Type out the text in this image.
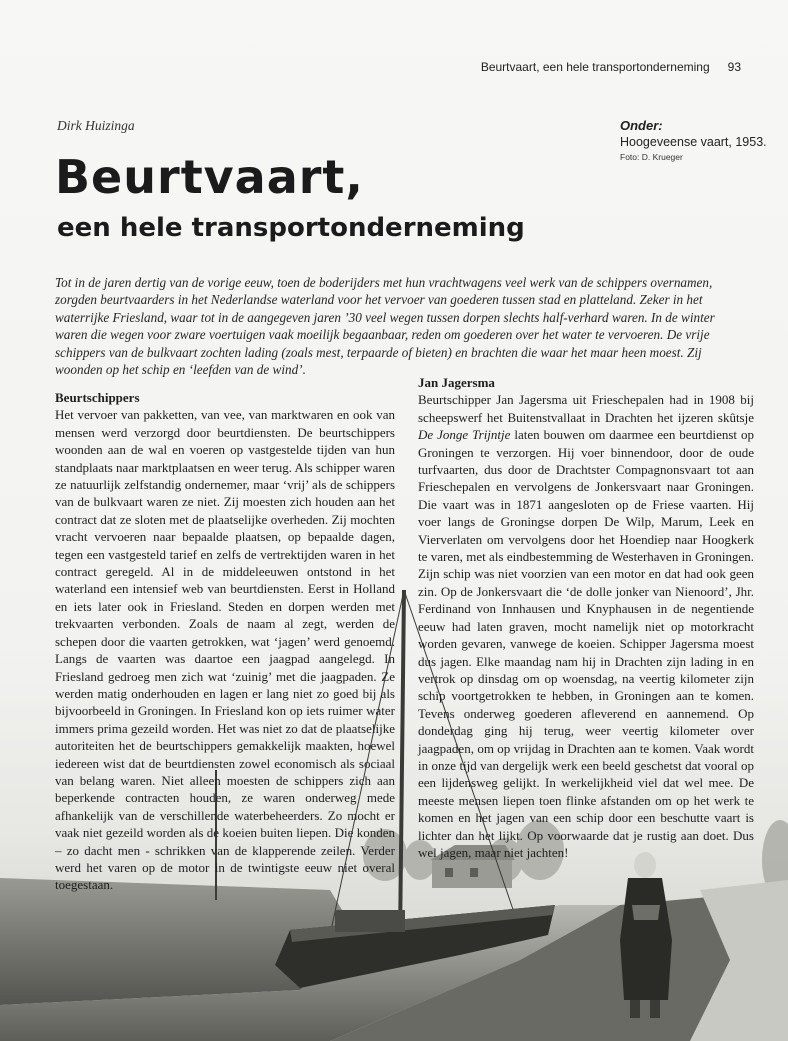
Beurtvaart, een hele transportonderneming 93
Dirk Huizinga	Onder:
Hoogeveense vaart, 1953.
Foto: D. Krueger
Beurtvaart,
een hele transportonderneming

Tot in de jaren dertig van de vorige eeuw, toen de boderijders met hun vrachtwagens veel werk van de schippers overnamen, zorgden beurtvaarders in het Nederlandse waterland voor het vervoer van goederen tussen stad en platteland. Zeker in het waterrijke Friesland, waar tot in de aangegeven jaren ’30 veel wegen tussen dorpen slechts half-verhard waren. In de winter waren die wegen voor zware voertuigen vaak moeilijk begaanbaar, reden om goederen over het water te vervoeren. De vrije schippers van de bulkvaart zochten lading (zoals mest, terpaarde of bieten) en brachten die waar het maar heen moest. Zij woonden op het schip en ‘leefden van de wind’.

Beurtschippers

Het vervoer van pakketten, van vee, van marktwaren en ook van mensen werd verzorgd door beurtdiensten. De beurtschippers woonden aan de wal en voeren op vastgestelde tijden van hun standplaats naar marktplaatsen en weer terug. Als schipper waren ze natuurlijk zelfstandig ondernemer, maar ‘vrij’ als de schippers van de bulkvaart waren ze niet. Zij moesten zich houden aan het contract dat ze sloten met de plaatselijke overheden. Zij mochten vracht vervoeren naar bepaalde plaatsen, op bepaalde dagen, tegen een vastgesteld tarief en zelfs de vertrektijden waren in het contract geregeld. Al in de middeleeuwen ontstond in het waterland een intensief web van beurtdiensten. Eerst in Holland en iets later ook in Friesland. Steden en dorpen werden met trekvaarten verbonden. Zoals de naam al zegt, werden de schepen door die vaarten getrokken, wat ‘jagen’ werd genoemd. Langs de vaarten was daartoe een jaagpad aangelegd. In Friesland gedroeg men zich wat ‘zuinig’ met die jaagpaden. Ze werden matig onderhouden en lagen er lang niet zo goed bij als bijvoorbeeld in Groningen. In Friesland kon op iets ruimer water immers prima gezeild worden. Het was niet zo dat de plaatselijke autoriteiten het de beurtschippers gemakkelijk maakten, hoewel iedereen wist dat de beurtdiensten zowel economisch als sociaal van belang waren. Niet alleen moesten de schippers zich aan beperkende contracten houden, ze waren onderweg mede afhankelijk van de verschillende waterbeheerders. Zo mocht er vaak niet gezeild worden als de koeien buiten liepen. Die konden – zo dacht men - schrikken van de klapperende zeilen. Verder werd het varen op de motor in de twintigste eeuw niet overal toegestaan.

Jan Jagersma

Beurtschipper Jan Jagersma uit Frieschepalen had in 1908 bij scheepswerf het Buitenstvallaat in Drachten het ijzeren skûtsje De Jonge Trijntje laten bouwen om daarmee een beurtdienst op Groningen te verzorgen. Hij voer binnendoor, door de oude turfvaarten, dus door de Drachtster Compagnonsvaart tot aan Frieschepalen en vervolgens de Jonkersvaart naar Groningen. Die vaart was in 1871 aangesloten op de Friese vaarten. Hij voer langs de Groningse dorpen De Wilp, Marum, Leek en Vierverlaten om vervolgens door het Hoendiep naar Hoogkerk te varen, met als eindbestemming de Westerhaven in Groningen. Zijn schip was niet voorzien van een motor en dat had ook geen zin. Op de Jonkersvaart die ‘de dolle jonker van Nienoord’, Jhr. Ferdinand von Innhausen und Knyphausen in de negentiende eeuw had laten graven, mocht namelijk niet op motorkracht worden gevaren, vanwege de koeien. Schipper Jagersma moest dus jagen. Elke maandag nam hij in Drachten zijn lading in en vertrok op dinsdag om op woensdag, na veertig kilometer zijn schip voortgetrokken te hebben, in Groningen aan te komen. Tevens onderweg goederen afleverend en aannemend. Op donderdag ging hij terug, weer veertig kilometer over jaagpaden, om op vrijdag in Drachten aan te komen. Vaak wordt in onze tijd van dergelijk werk een beeld geschetst dat vooral op een lijdensweg gelijkt. In werkelijkheid viel dat wel mee. De meeste mensen liepen toen flinke afstanden om op het werk te komen en het jagen van een schip door een beschutte vaart is lichter dan het lijkt. Op voorwaarde dat je rustig aan doet. Dus wel jagen, maar niet jachten!
